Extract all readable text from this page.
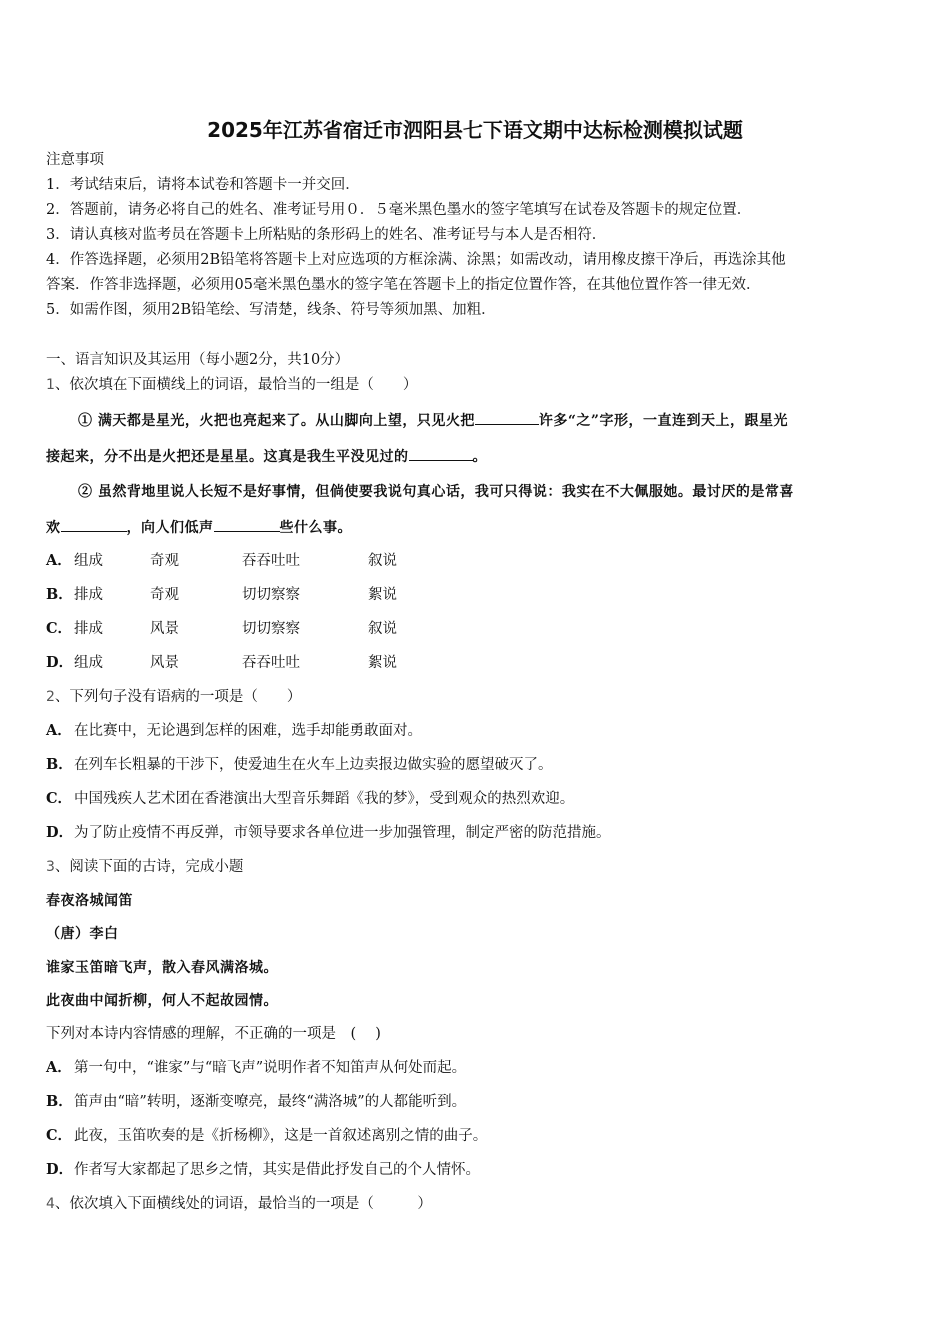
2025年江苏省宿迁市泗阳县七下语文期中达标检测模拟试题
注意事项
1．考试结束后，请将本试卷和答题卡一并交回．
2．答题前，请务必将自己的姓名、准考证号用０．５毫米黑色墨水的签字笔填写在试卷及答题卡的规定位置．
3．请认真核对监考员在答题卡上所粘贴的条形码上的姓名、准考证号与本人是否相符．
4．作答选择题，必须用2B铅笔将答题卡上对应选项的方框涂满、涂黑；如需改动，请用橡皮擦干净后，再选涂其他
答案．作答非选择题，必须用05毫米黑色墨水的签字笔在答题卡上的指定位置作答，在其他位置作答一律无效．
5．如需作图，须用2B铅笔绘、写清楚，线条、符号等须加黑、加粗．
一、语言知识及其运用（每小题2分，共10分）
1、依次填在下面横线上的词语，最恰当的一组是（　　）
① 满天都是星光，火把也亮起来了。从山脚向上望，只见火把	许多“之”字形，一直连到天上，跟星光
接起来，分不出是火把还是星星。这真是我生平没见过的	。
② 虽然背地里说人长短不是好事情，但倘使要我说句真心话，我可只得说：我实在不大佩服她。最讨厌的是常喜
欢	，向人们低声	些什么事。
A． 组成	奇观	吞吞吐吐	叙说
B．排成	奇观	切切察察	絮说
C． 排成	风景	切切察察	叙说
D．组成	风景	吞吞吐吐	絮说
2、下列句子没有语病的一项是（　　）
A． 在比赛中，无论遇到怎样的困难，选手却能勇敢面对。
B．在列车长粗暴的干涉下，使爱迪生在火车上边卖报边做实验的愿望破灭了。
C． 中国残疾人艺术团在香港演出大型音乐舞蹈《我的梦》，受到观众的热烈欢迎。
D．为了防止疫情不再反弹，市领导要求各单位进一步加强管理，制定严密的防范措施。
3、阅读下面的古诗，完成小题
春夜洛城闻笛
（唐）李白
谁家玉笛暗飞声，散入春风满洛城。
此夜曲中闻折柳，何人不起故园情。
下列对本诗内容情感的理解，不正确的一项是　(　 )
A． 第一句中，“谁家”与“暗飞声”说明作者不知笛声从何处而起。
B．笛声由“暗”转明，逐渐变嘹亮，最终“满洛城”的人都能听到。
C． 此夜，玉笛吹奏的是《折杨柳》，这是一首叙述离别之情的曲子。
D．作者写大家都起了思乡之情，其实是借此抒发自己的个人情怀。
4、依次填入下面横线处的词语，最恰当的一项是（　　　）
